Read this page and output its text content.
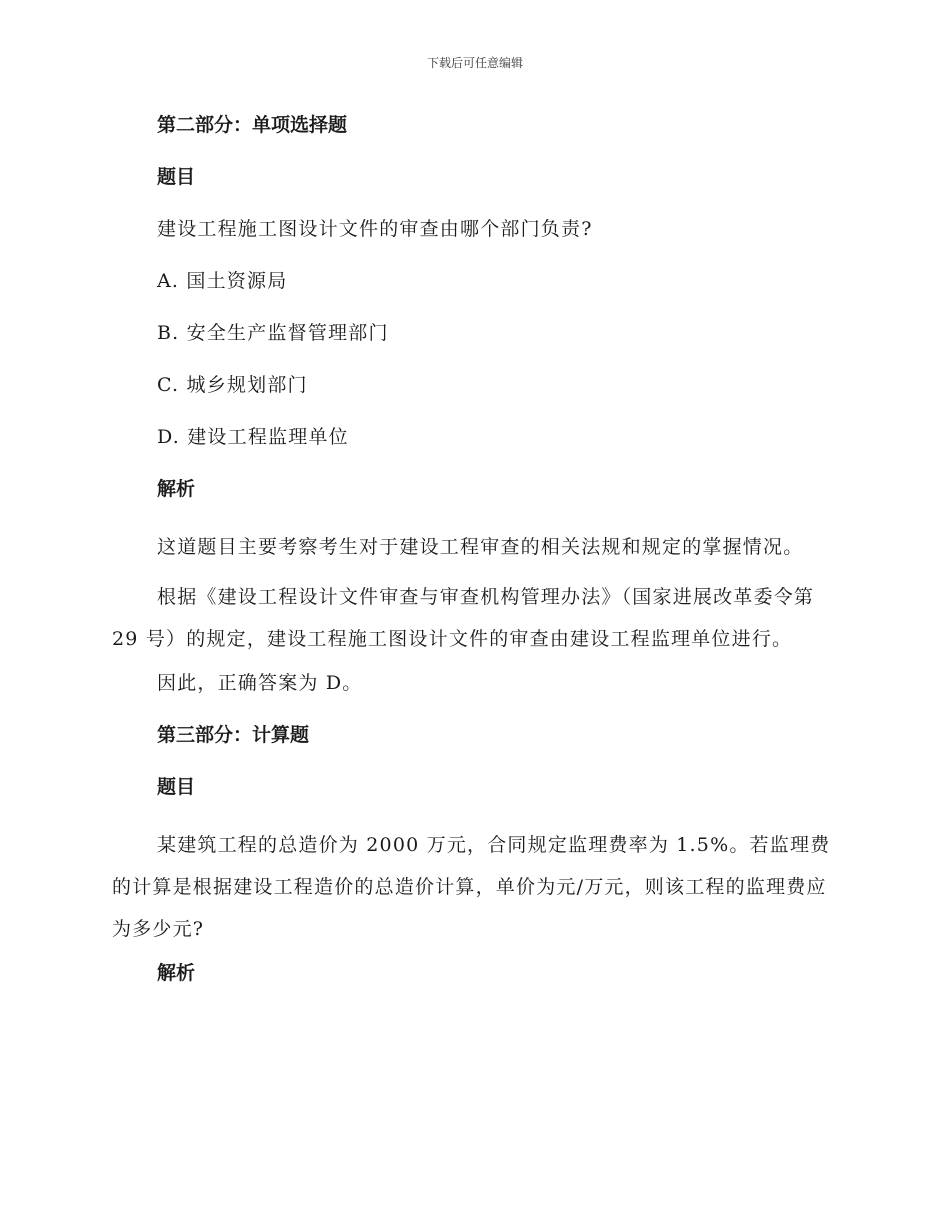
下载后可任意编辑
第二部分：单项选择题
题目
建设工程施工图设计文件的审查由哪个部门负责?
A. 国土资源局
B. 安全生产监督管理部门
C. 城乡规划部门
D. 建设工程监理单位
解析
这道题目主要考察考生对于建设工程审查的相关法规和规定的掌握情况。
根据《建设工程设计文件审查与审查机构管理办法》（国家进展改革委令第 29 号）的规定，建设工程施工图设计文件的审查由建设工程监理单位进行。
因此，正确答案为 D。
第三部分：计算题
题目
某建筑工程的总造价为 2000 万元，合同规定监理费率为 1.5%。若监理费的计算是根据建设工程造价的总造价计算，单价为元/万元，则该工程的监理费应为多少元?
解析
